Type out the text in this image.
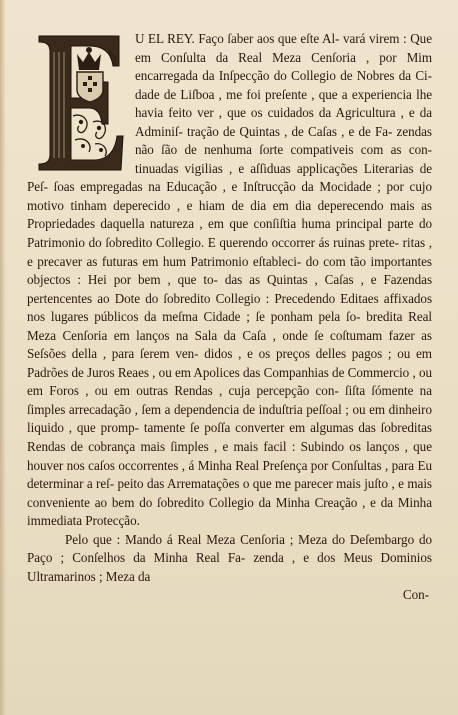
U EL REY. Faço ſaber aos que eſte Al- vará virem : Que em Conſulta da Real Meza Cenſoria , por Mim encarregada da Inſpecção do Collegio de Nobres da Ci- dade de Liſboa , me foi preſente , que a experiencia lhe havia feito ver , que os cuidados da Agricultura , e da Adminiſ- tração de Quintas , de Caſas , e de Fa- zendas não ſão de nenhuma ſorte compativeis com as con- tinuadas vigilias , e aſſiduas applicações Literarias de Peſ- ſoas empregadas na Educação , e Inſtrucção da Mocidade ; por cujo motivo tinham deperecido , e hiam de dia em dia deperecendo mais as Propriedades daquella natureza , em que conſiſtia huma principal parte do Patrimonio do ſobredito Collegio. E querendo occorrer ás ruinas prete- ritas , e precaver as futuras em hum Patrimonio eſtableci- do com tão importantes objectos : Hei por bem , que to- das as Quintas , Caſas , e Fazendas pertencentes ao Dote do ſobredito Collegio : Precedendo Editaes affixados nos lugares públicos da meſma Cidade ; ſe ponham pela ſo- bredita Real Meza Cenſoria em lanços na Sala da Caſa , onde ſe coſtumam fazer as Seſsões della , para ſerem ven- didos , e os preços delles pagos ; ou em Padrões de Juros Reaes , ou em Apolices das Companhias de Commercio , ou em Foros , ou em outras Rendas , cuja percepção con- ſiſta ſómente na ſimples arrecadação , ſem a dependencia de induſtria peſſoal ; ou em dinheiro liquido , que promp- tamente ſe poſſa converter em algumas das ſobreditas Rendas de cobrança mais ſimples , e mais facil : Subindo os lanços , que houver nos caſos occorrentes , á Minha Real Preſença por Conſultas , para Eu determinar a reſ- peito das Arrematações o que me parecer mais juſto , e mais conveniente ao bem do ſobredito Collegio da Minha Creação , e da Minha immediata Protecção.

Pelo que : Mando á Real Meza Cenſoria ; Meza do Deſembargo do Paço ; Conſelhos da Minha Real Fa- zenda , e dos Meus Dominios Ultramarinos ; Meza da

Con-
